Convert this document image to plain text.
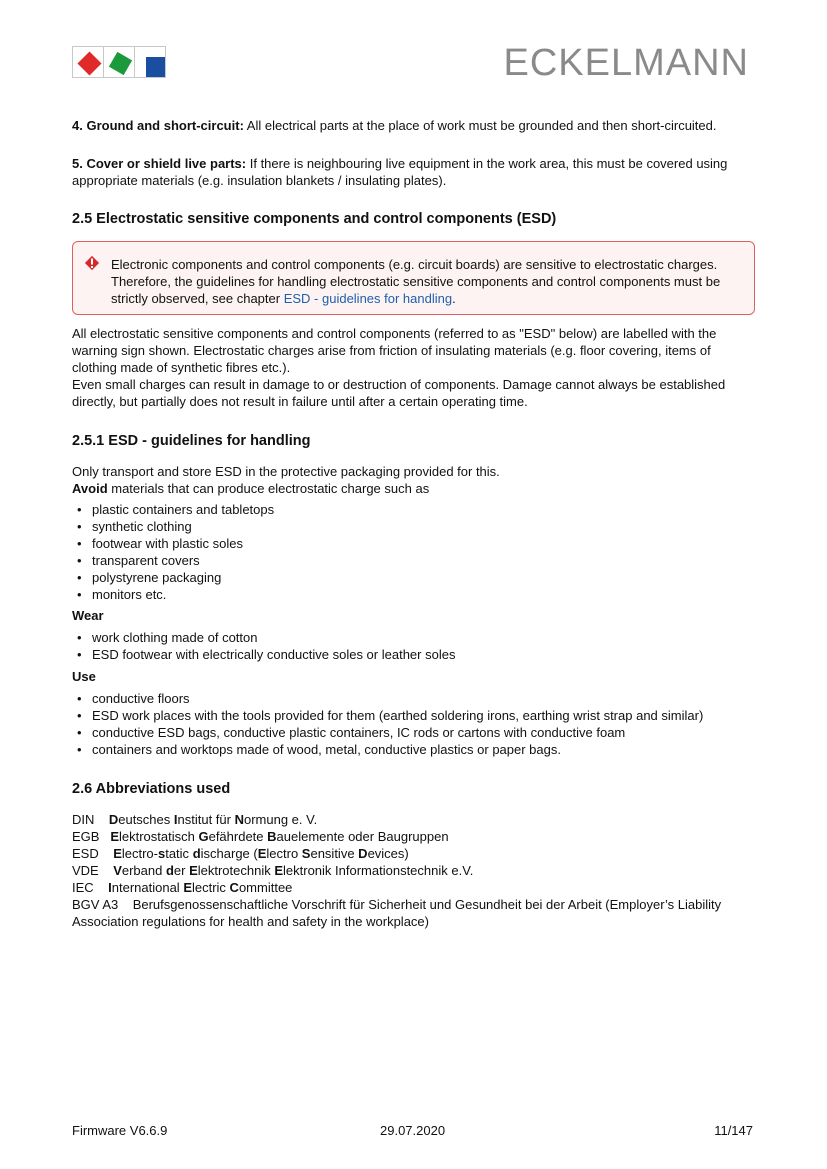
ECKELMANN

4. Ground and short-circuit: All electrical parts at the place of work must be grounded and then short-circuited.

5. Cover or shield live parts: If there is neighbouring live equipment in the work area, this must be covered using appropriate materials (e.g. insulation blankets / insulating plates).

2.5 Electrostatic sensitive components and control components (ESD)

Electronic components and control components (e.g. circuit boards) are sensitive to electrostatic charges. Therefore, the guidelines for handling electrostatic sensitive components and control components must be strictly observed, see chapter ESD - guidelines for handling.

All electrostatic sensitive components and control components (referred to as "ESD" below) are labelled with the warning sign shown. Electrostatic charges arise from friction of insulating materials (e.g. floor covering, items of clothing made of synthetic fibres etc.).

Even small charges can result in damage to or destruction of components. Damage cannot always be established directly, but partially does not result in failure until after a certain operating time.

2.5.1 ESD - guidelines for handling

Only transport and store ESD in the protective packaging provided for this.

Avoid materials that can produce electrostatic charge such as

• plastic containers and tabletops
• synthetic clothing
• footwear with plastic soles
• transparent covers
• polystyrene packaging
• monitors etc.

Wear

• work clothing made of cotton
• ESD footwear with electrically conductive soles or leather soles

Use

• conductive floors
• ESD work places with the tools provided for them (earthed soldering irons, earthing wrist strap and similar)
• conductive ESD bags, conductive plastic containers, IC rods or cartons with conductive foam
• containers and worktops made of wood, metal, conductive plastics or paper bags.
2.6 Abbreviations used

DIN Deutsches Institut für Normung e. V.

EGB Elektrostatisch Gefährdete Bauelemente oder Baugruppen

ESD Electro-static discharge (Electro Sensitive Devices)

VDE Verband der Elektrotechnik Elektronik Informationstechnik e.V.

IEC International Electric Committee

BGV A3 Berufsgenossenschaftliche Vorschrift für Sicherheit und Gesundheit bei der Arbeit (Employer’s Liability Association regulations for health and safety in the workplace)

Firmware V6.6.9	29.07.2020	11/147
